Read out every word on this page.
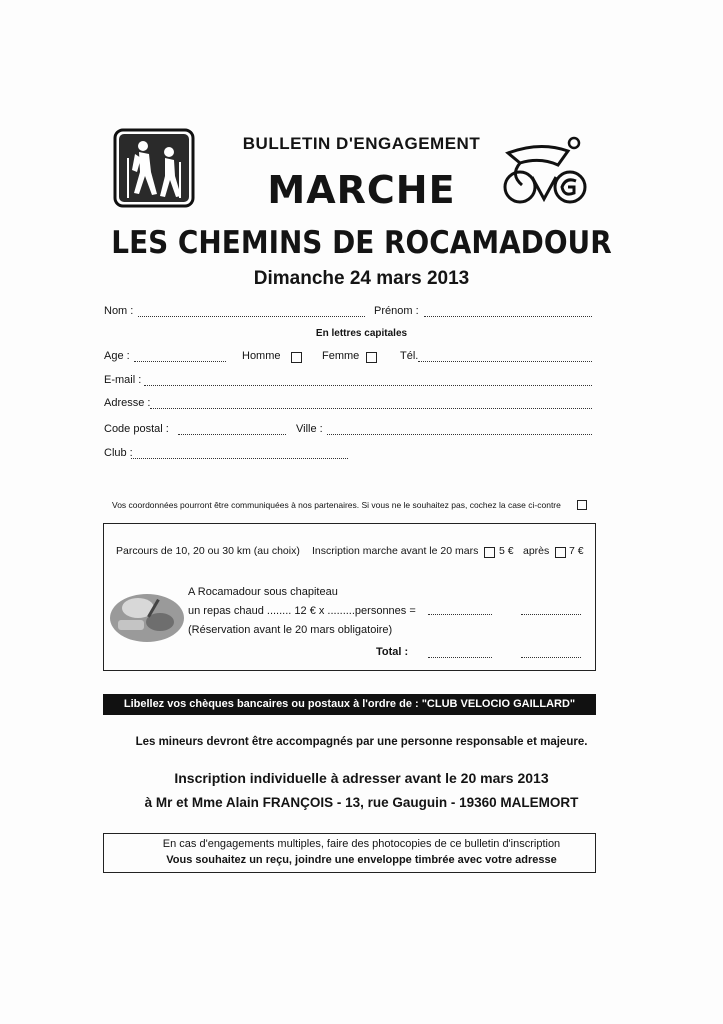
BULLETIN D'ENGAGEMENT
MARCHE
LES CHEMINS DE ROCAMADOUR
Dimanche 24 mars 2013
Nom :	Prénom :
En lettres capitales
Age :	Homme	Femme	Tél.
E-mail :
Adresse :
Code postal :	Ville :
Club :
Vos coordonnées pourront être communiquées à nos partenaires. Si vous ne le souhaitez pas, cochez la case ci-contre
Parcours de 10, 20 ou 30 km (au choix) Inscription marche avant le 20 mars 5 € après 7 €
A Rocamadour sous chapiteau
un repas chaud ........ 12 € x .........personnes =
(Réservation avant le 20 mars obligatoire)
Total :
Libellez vos chèques bancaires ou postaux à l'ordre de : "CLUB VELOCIO GAILLARD"
Les mineurs devront être accompagnés par une personne responsable et majeure.
Inscription individuelle à adresser avant le 20 mars 2013
à Mr et Mme Alain FRANÇOIS - 13, rue Gauguin - 19360 MALEMORT
En cas d'engagements multiples, faire des photocopies de ce bulletin d'inscription
Vous souhaitez un reçu, joindre une enveloppe timbrée avec votre adresse
